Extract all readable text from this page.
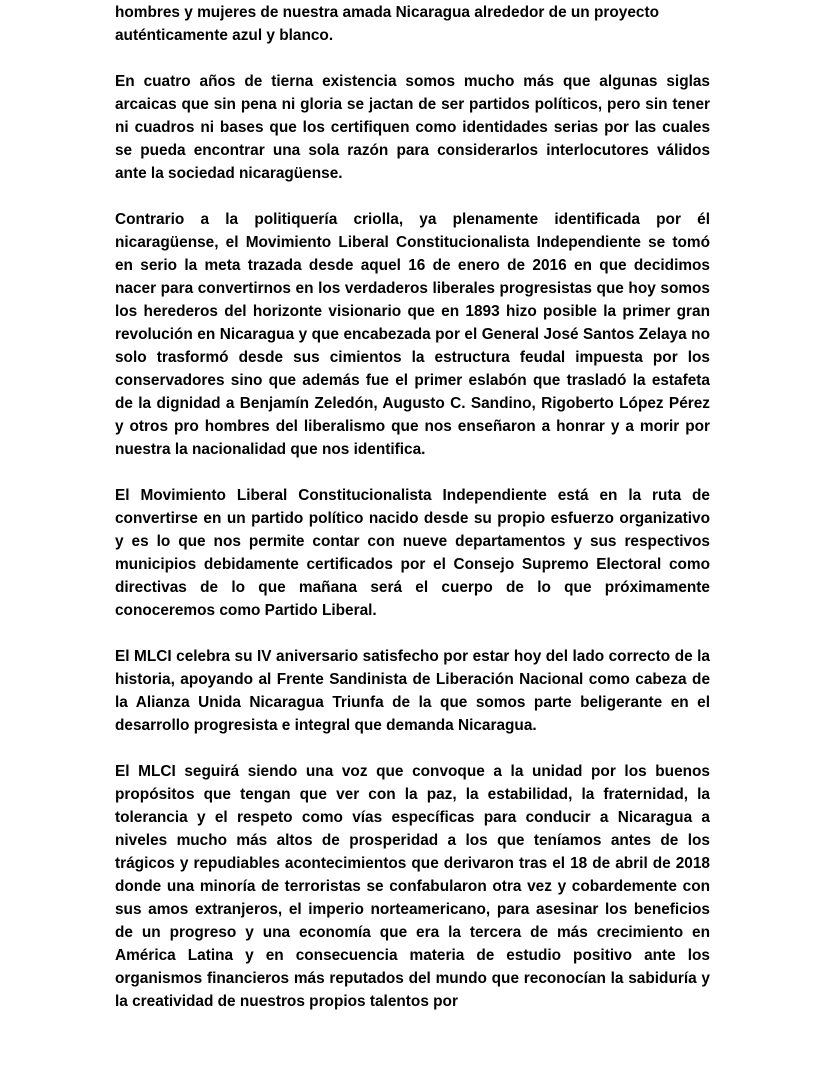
hombres y mujeres de nuestra amada Nicaragua alrededor de un proyecto auténticamente azul y blanco.

En cuatro años de tierna existencia somos mucho más que algunas siglas arcaicas que sin pena ni gloria se jactan de ser partidos políticos, pero sin tener ni cuadros ni bases que los certifiquen como identidades serias por las cuales se pueda encontrar una sola razón para considerarlos interlocutores válidos ante la sociedad nicaragüense.

Contrario a la politiquería criolla, ya plenamente identificada por él nicaragüense, el Movimiento Liberal Constitucionalista Independiente se tomó en serio la meta trazada desde aquel 16 de enero de 2016 en que decidimos nacer para convertirnos en los verdaderos liberales progresistas que hoy somos los herederos del horizonte visionario que en 1893 hizo posible la primer gran revolución en Nicaragua y que encabezada por el General José Santos Zelaya no solo trasformó desde sus cimientos la estructura feudal impuesta por los conservadores sino que además fue el primer eslabón que trasladó la estafeta de la dignidad a Benjamín Zeledón, Augusto C. Sandino, Rigoberto López Pérez y otros pro hombres del liberalismo que nos enseñaron a honrar y a morir por nuestra la nacionalidad que nos identifica.

El Movimiento Liberal Constitucionalista Independiente está en la ruta de convertirse en un partido político nacido desde su propio esfuerzo organizativo y es lo que nos permite contar con nueve departamentos y sus respectivos municipios debidamente certificados por el Consejo Supremo Electoral como directivas de lo que mañana será el cuerpo de lo que próximamente conoceremos como Partido Liberal.

El MLCI celebra su IV aniversario satisfecho por estar hoy del lado correcto de la historia, apoyando al Frente Sandinista de Liberación Nacional como cabeza de la Alianza Unida Nicaragua Triunfa de la que somos parte beligerante en el desarrollo progresista e integral que demanda Nicaragua.

El MLCI seguirá siendo una voz que convoque a la unidad por los buenos propósitos que tengan que ver con la paz, la estabilidad, la fraternidad, la tolerancia y el respeto como vías específicas para conducir a Nicaragua a niveles mucho más altos de prosperidad a los que teníamos antes de los trágicos y repudiables acontecimientos que derivaron tras el 18 de abril de 2018 donde una minoría de terroristas se confabularon otra vez y cobardemente con sus amos extranjeros, el imperio norteamericano, para asesinar los beneficios de un progreso y una economía que era la tercera de más crecimiento en América Latina y en consecuencia materia de estudio positivo ante los organismos financieros más reputados del mundo que reconocían la sabiduría y la creatividad de nuestros propios talentos por
